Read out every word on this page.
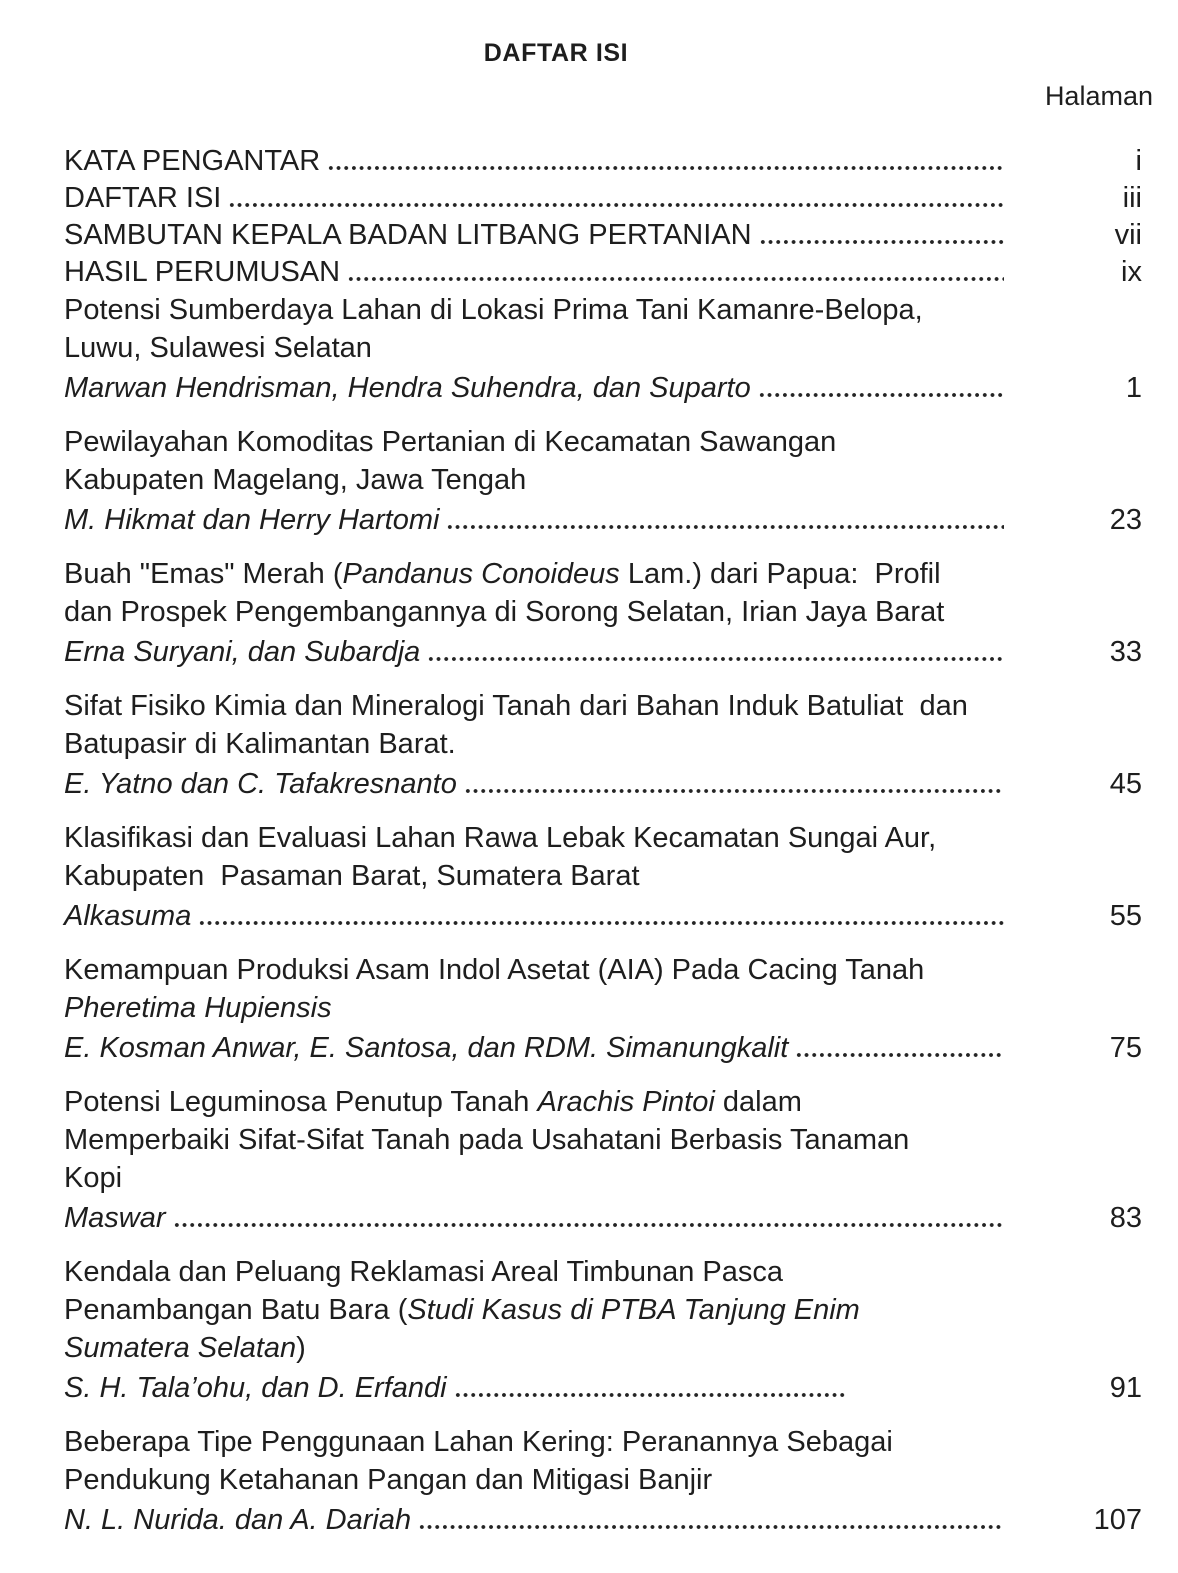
DAFTAR ISI
Halaman
KATA PENGANTAR	i
DAFTAR ISI	iii
SAMBUTAN KEPALA BADAN LITBANG PERTANIAN	vii
HASIL PERUMUSAN	ix
Potensi Sumberdaya Lahan di Lokasi Prima Tani Kamanre-Belopa,
Luwu, Sulawesi Selatan
Marwan Hendrisman, Hendra Suhendra, dan Suparto	1
Pewilayahan Komoditas Pertanian di Kecamatan Sawangan
Kabupaten Magelang, Jawa Tengah
M. Hikmat dan Herry Hartomi	23
Buah "Emas" Merah (Pandanus Conoideus Lam.) dari Papua:  Profil
dan Prospek Pengembangannya di Sorong Selatan, Irian Jaya Barat
Erna Suryani, dan Subardja	33
Sifat Fisiko Kimia dan Mineralogi Tanah dari Bahan Induk Batuliat  dan
Batupasir di Kalimantan Barat.
E. Yatno dan C. Tafakresnanto	45
Klasifikasi dan Evaluasi Lahan Rawa Lebak Kecamatan Sungai Aur,
Kabupaten  Pasaman Barat, Sumatera Barat
Alkasuma	55
Kemampuan Produksi Asam Indol Asetat (AIA) Pada Cacing Tanah
Pheretima Hupiensis
E. Kosman Anwar, E. Santosa, dan RDM. Simanungkalit	75
Potensi Leguminosa Penutup Tanah Arachis Pintoi dalam
Memperbaiki Sifat-Sifat Tanah pada Usahatani Berbasis Tanaman
Kopi
Maswar	83
Kendala dan Peluang Reklamasi Areal Timbunan Pasca
Penambangan Batu Bara (Studi Kasus di PTBA Tanjung Enim
Sumatera Selatan)
S. H. Tala’ohu, dan D. Erfandi	91
Beberapa Tipe Penggunaan Lahan Kering: Peranannya Sebagai
Pendukung Ketahanan Pangan dan Mitigasi Banjir
N. L. Nurida. dan A. Dariah	107
